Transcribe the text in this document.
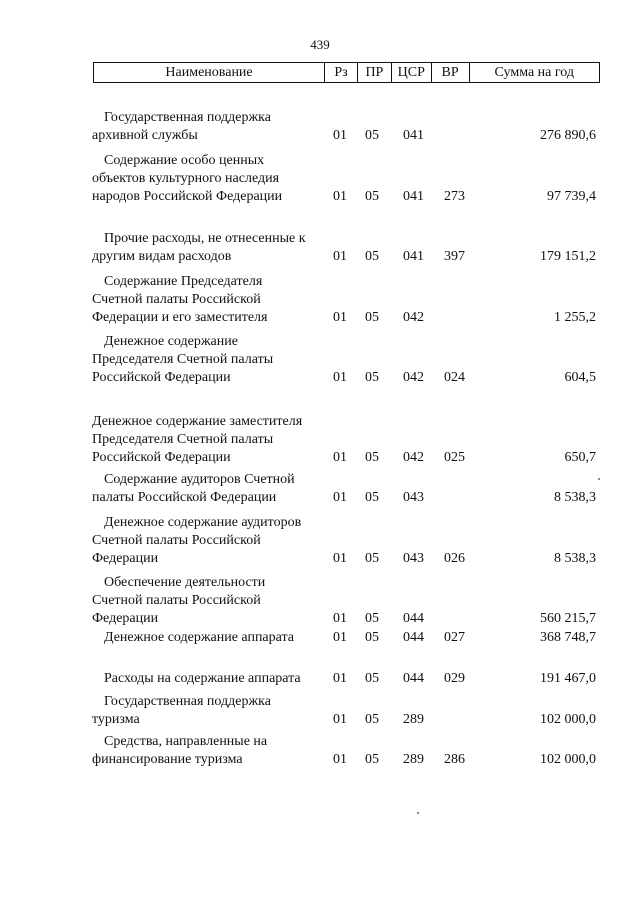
439
Наименование	Рз	ПР	ЦСР	ВР	Сумма на год
Государственная поддержка
архивной службы	01 05 041	276 890,6
Содержание особо ценных
объектов культурного наследия
народов Российской Федерации	01 05 041 273	97 739,4
Прочие расходы, не отнесенные к
другим видам расходов	01 05 041 397	179 151,2
Содержание Председателя
Счетной палаты Российской
Федерации и его заместителя	01 05 042	1 255,2
Денежное содержание
Председателя Счетной палаты
Российской Федерации	01 05 042 024	604,5
Денежное содержание заместителя
Председателя Счетной палаты
Российской Федерации	01 05 042 025	650,7
Содержание аудиторов Счетной
палаты Российской Федерации	01 05 043	8 538,3
Денежное содержание аудиторов
Счетной палаты Российской
Федерации	01 05 043 026	8 538,3
Обеспечение деятельности
Счетной палаты Российской
Федерации	01 05 044	560 215,7
Денежное содержание аппарата	01 05 044 027	368 748,7
Расходы на содержание аппарата	01 05 044 029	191 467,0
Государственная поддержка
туризма	01 05 289	102 000,0
Средства, направленные на
финансирование туризма	01 05 289 286	102 000,0
